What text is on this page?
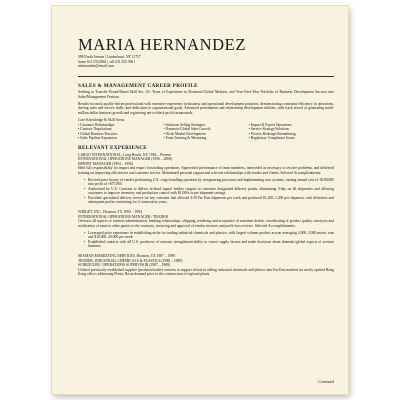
MARIA HERNANDEZ
598 North Avenue | Lindenhurst, NY 11757
home 631.555.0861 | cell 631.555.5961
mhernandez@email.com
SALES & MANAGEMENT CAREER PROFILE
Seeking to Transfer Broad-Based Skill Set, 15+ Years of Experience in Domestic/Global Markets, and Year-Over-Year Portfolio of Business Development Success into Sales/Management Position
Results-focused, quality-driven professional with extensive experience in business and operational development positions, demonstrating consistent efficiency in operations, driving sales and service skills, and dedication to organizational goals. Advanced presentation and relationship development abilities, with track record of generating multi-million dollar business growth and registering net-to-black profit turnarounds.
Core Knowledge & Skill Areas:
• Customer Relationships
• Contract Negotiations
• Global Business Practices
• Sales Pipeline Expansion
• Solutions Selling Strategies
• Domestic/Global Sales Growth
• Niche Market Development
• Team Training & Mentoring
• Import & Export Operations
• Service Strategy/Solutions
• Process Redesign/Streamlining
• Regulatory Compliance Issues
RELEVANT EXPERIENCE
CARGO INTERNATIONAL, Long Beach, NY 1994 – Present
INTERNATIONAL OPERATIONS MANAGER (1996 – 2000)
IMPORT MANAGER (1994 – 1996)
Held full responsibility for import and export forwarding operations. Supervised performance of team members, interceded as necessary to resolve problems, and delivered training on improving efficiencies and customer service. Maintained personal rapport and win-win relationships with vendor and clients. Selected Accomplishments:
• Revived prior luxury of vendor-performing U.S. cargo handling operation by reorganizing processes and implementing new systems, turning annual cost of -$100,000 into profit of +$75,000.
• Authorized by U.S. Customs to deliver in-bond import leather cargoes to customer designated delivery points, eliminating 3-day on all shipments and allowing customers to improve inventory and production control with $1,000s in per shipment savings.
• Provided specialized delivery service for key customer that affected 4:30 Far East shipments per week and produced $1,200–1,400 per shipment, with deliveries and subsequent profits continuing for 2 consecutive years.
WIDGET, INC., Houston, TX 1990 – 1994
INTERNATIONAL OPERATIONS MANAGER / TRADER
Oversaw all aspects of contract administration, banking relationships, shipping, tendering and acceptance of maritime details, coordinating of product quality surveyors and notification of same to other parties to the contracts, invoicing and approval of vendor invoices and profit-loss reviews. Selected Accomplishments:
• Leveraged prior experience in establishing niche for trading industrial chemicals and plastics, with largest volume product accrue averaging 2,000–3,000 metric tons and $10,000–20,000 per week.
• Established contacts with all U.S. producers of acetone; strengthened ability to source supply factors and make decisions about domestic/global aspects of acetone business.
SEAMAN MARKETING SERVICES, Houston, TX 1987 – 1989
TRADER, INDUSTRIAL CHEMICALS & PLASTICS (1988 – 1989)
SCHEDULER / OPERATIONS SUPERVISOR (1987 – 1988)
Utilized previously-established supplier (producer/trader) contacts to support efforts in selling industrial chemicals and plastics into Far East markets for newly opened Hong Kong office; addressing Plastic Resin demand prior to the construction of regional plants.
Continued
